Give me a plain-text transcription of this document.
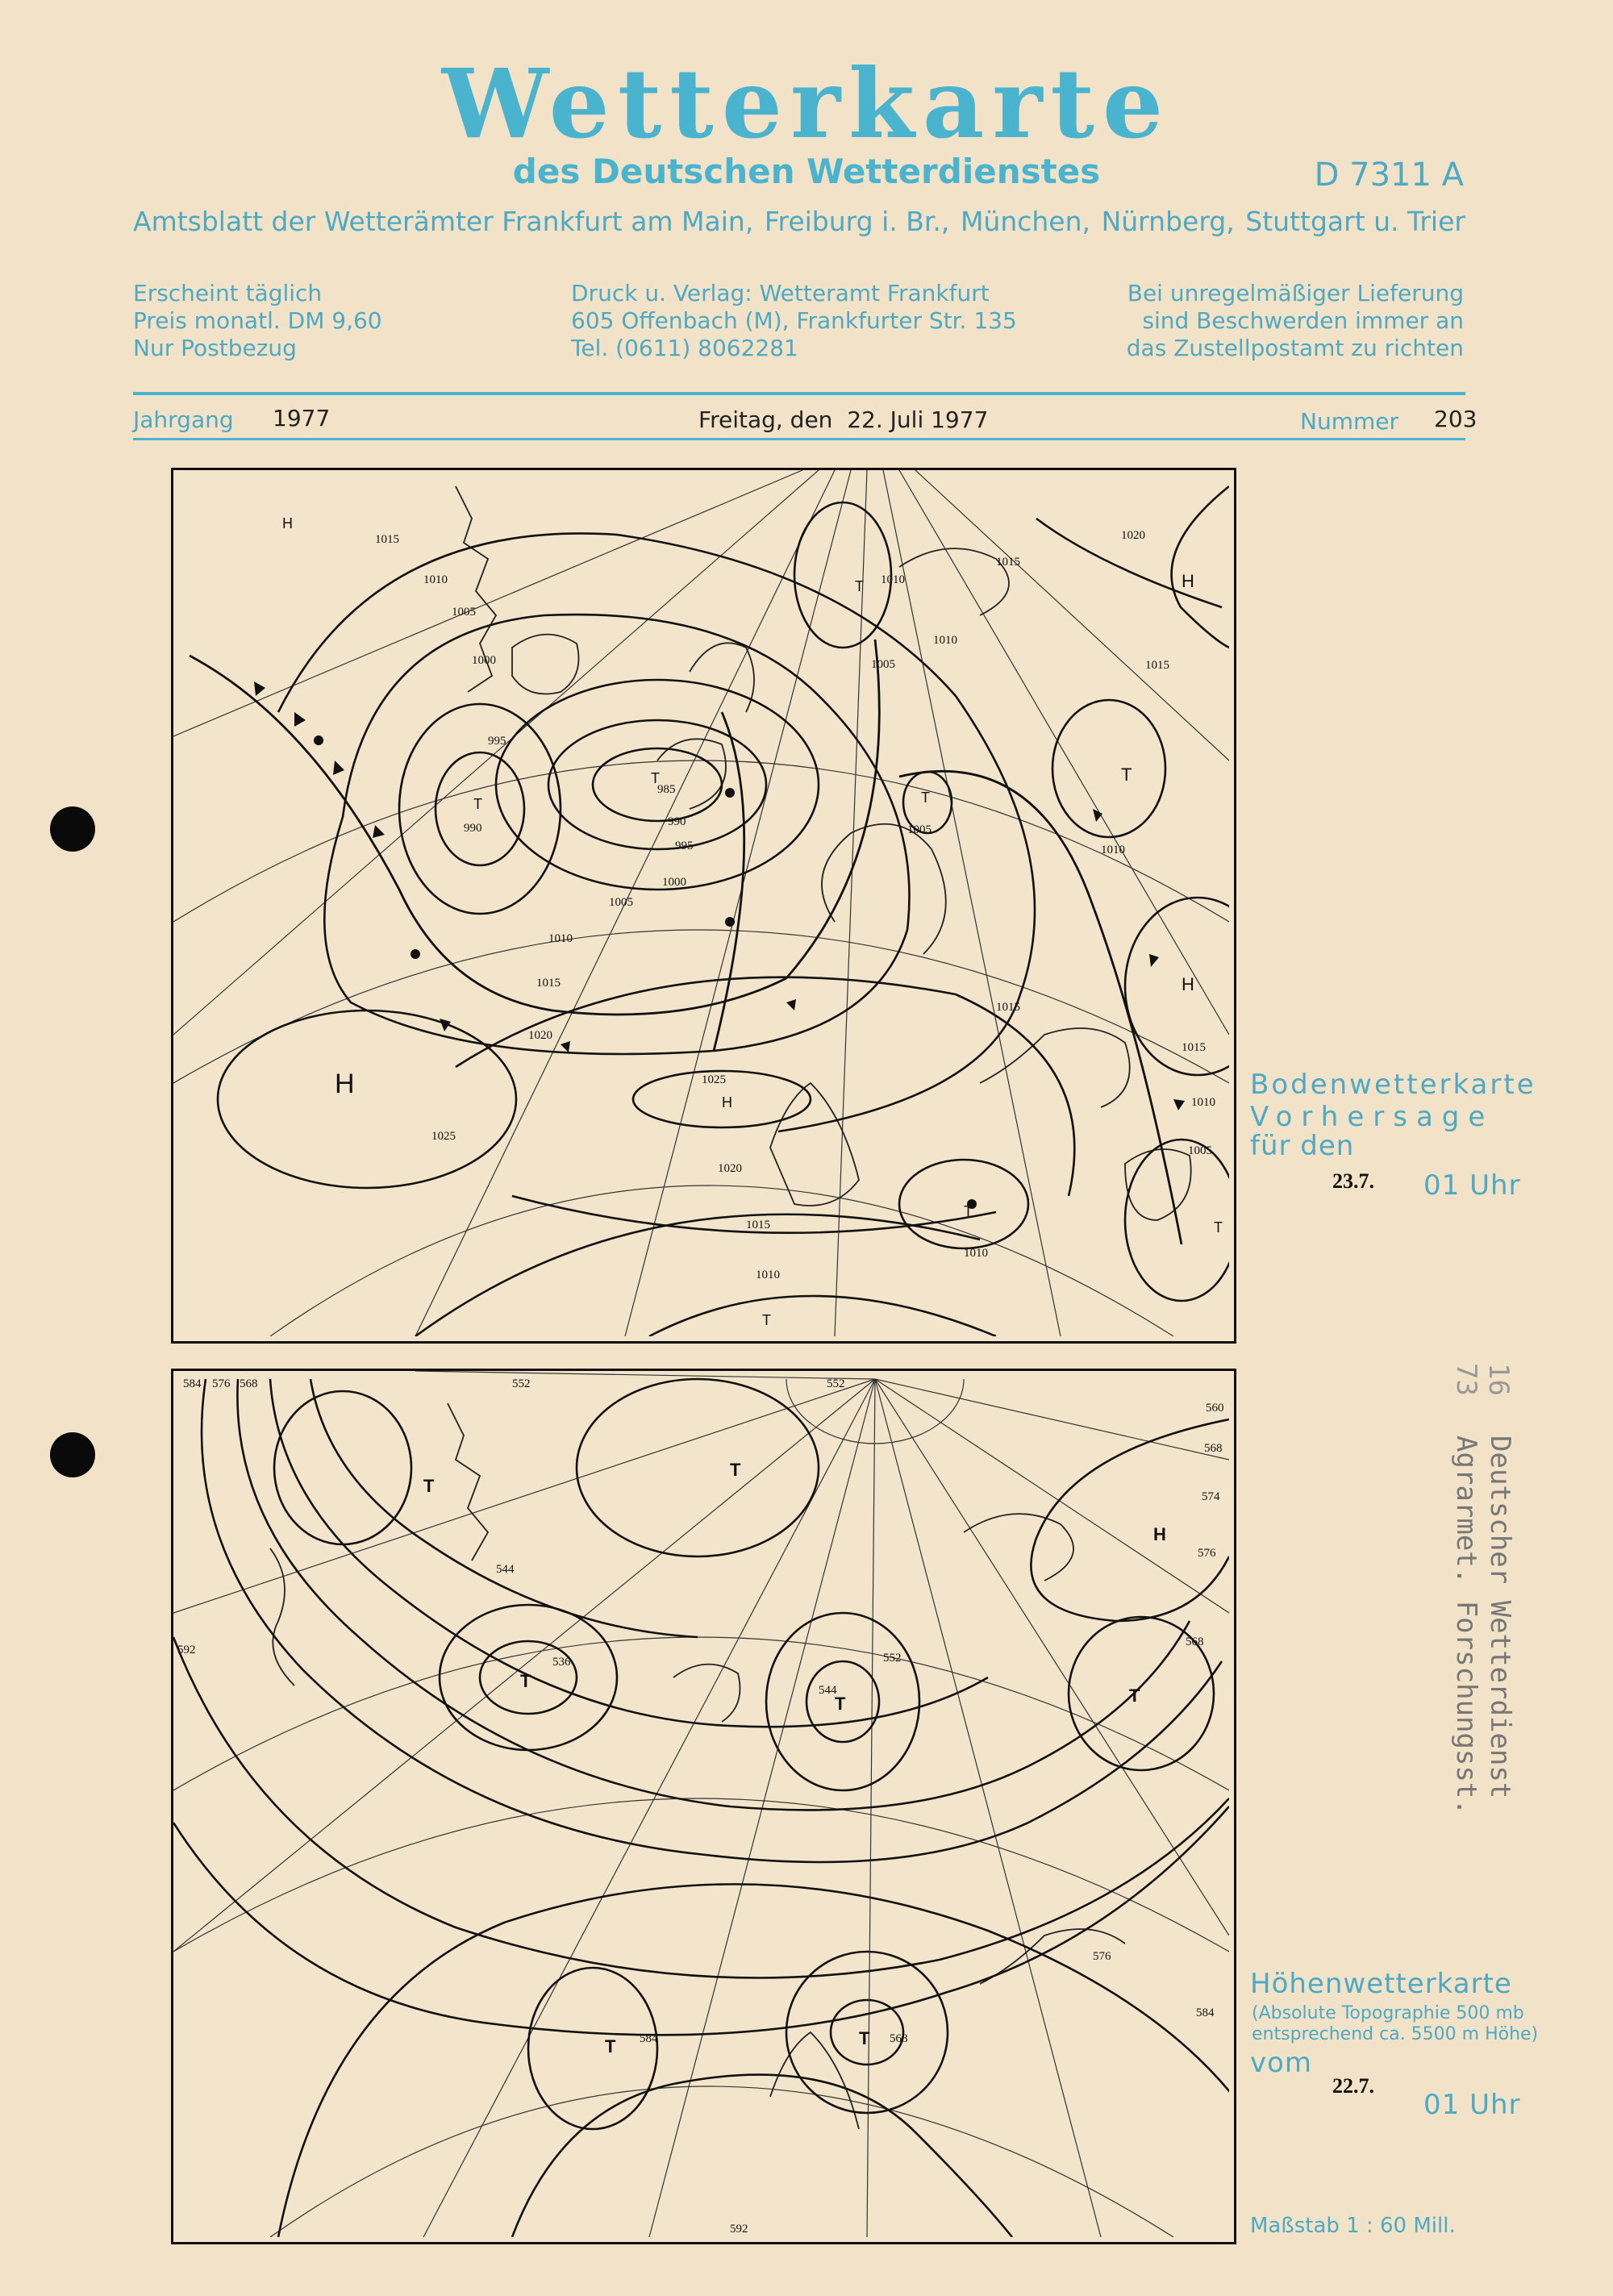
Wetterkarte
des Deutschen Wetterdienstes	D 7311 A
Amtsblatt der Wetterämter Frankfurt am Main, Freiburg i. Br., München, Nürnberg, Stuttgart u. Trier
Erscheint täglich
Preis monatl. DM 9,60
Nur Postbezug
Druck u. Verlag: Wetteramt Frankfurt
605 Offenbach (M), Frankfurter Str. 135
Tel. (0611) 8062281
Bei unregelmäßiger Lieferung
sind Beschwerden immer an
das Zustellpostamt zu richten
Jahrgang 1977	Freitag, den  22. Juli 1977	Nummer 203
1015
1010
1005
1000
995
990
985
990
995
1000
1005
1010
1015
1020
1025
1020
1015
1010
1010
1005
1010
1015
1020
1015
1005
1010
1015
1015
1010
1005
1010
1025
H
H
H
H
H
T
T
T
T
T
T
T
T
Bodenwetterkarte
Vorhersage
für den
23.7. 01 Uhr
584 576 568	552	552
560
568
574
576
592
544
536
544
552
568
576
584
584
568
592
T
T
T
T	T
T
T
H
Höhenwetterkarte
(Absolute Topographie 500 mb
entsprechend ca. 5500 m Höhe)
vom
22.7.
01 Uhr
Maßstab 1 : 60 Mill.
Deutscher Wetterdienst
Agrarmet. Forschungsst.
73 16
